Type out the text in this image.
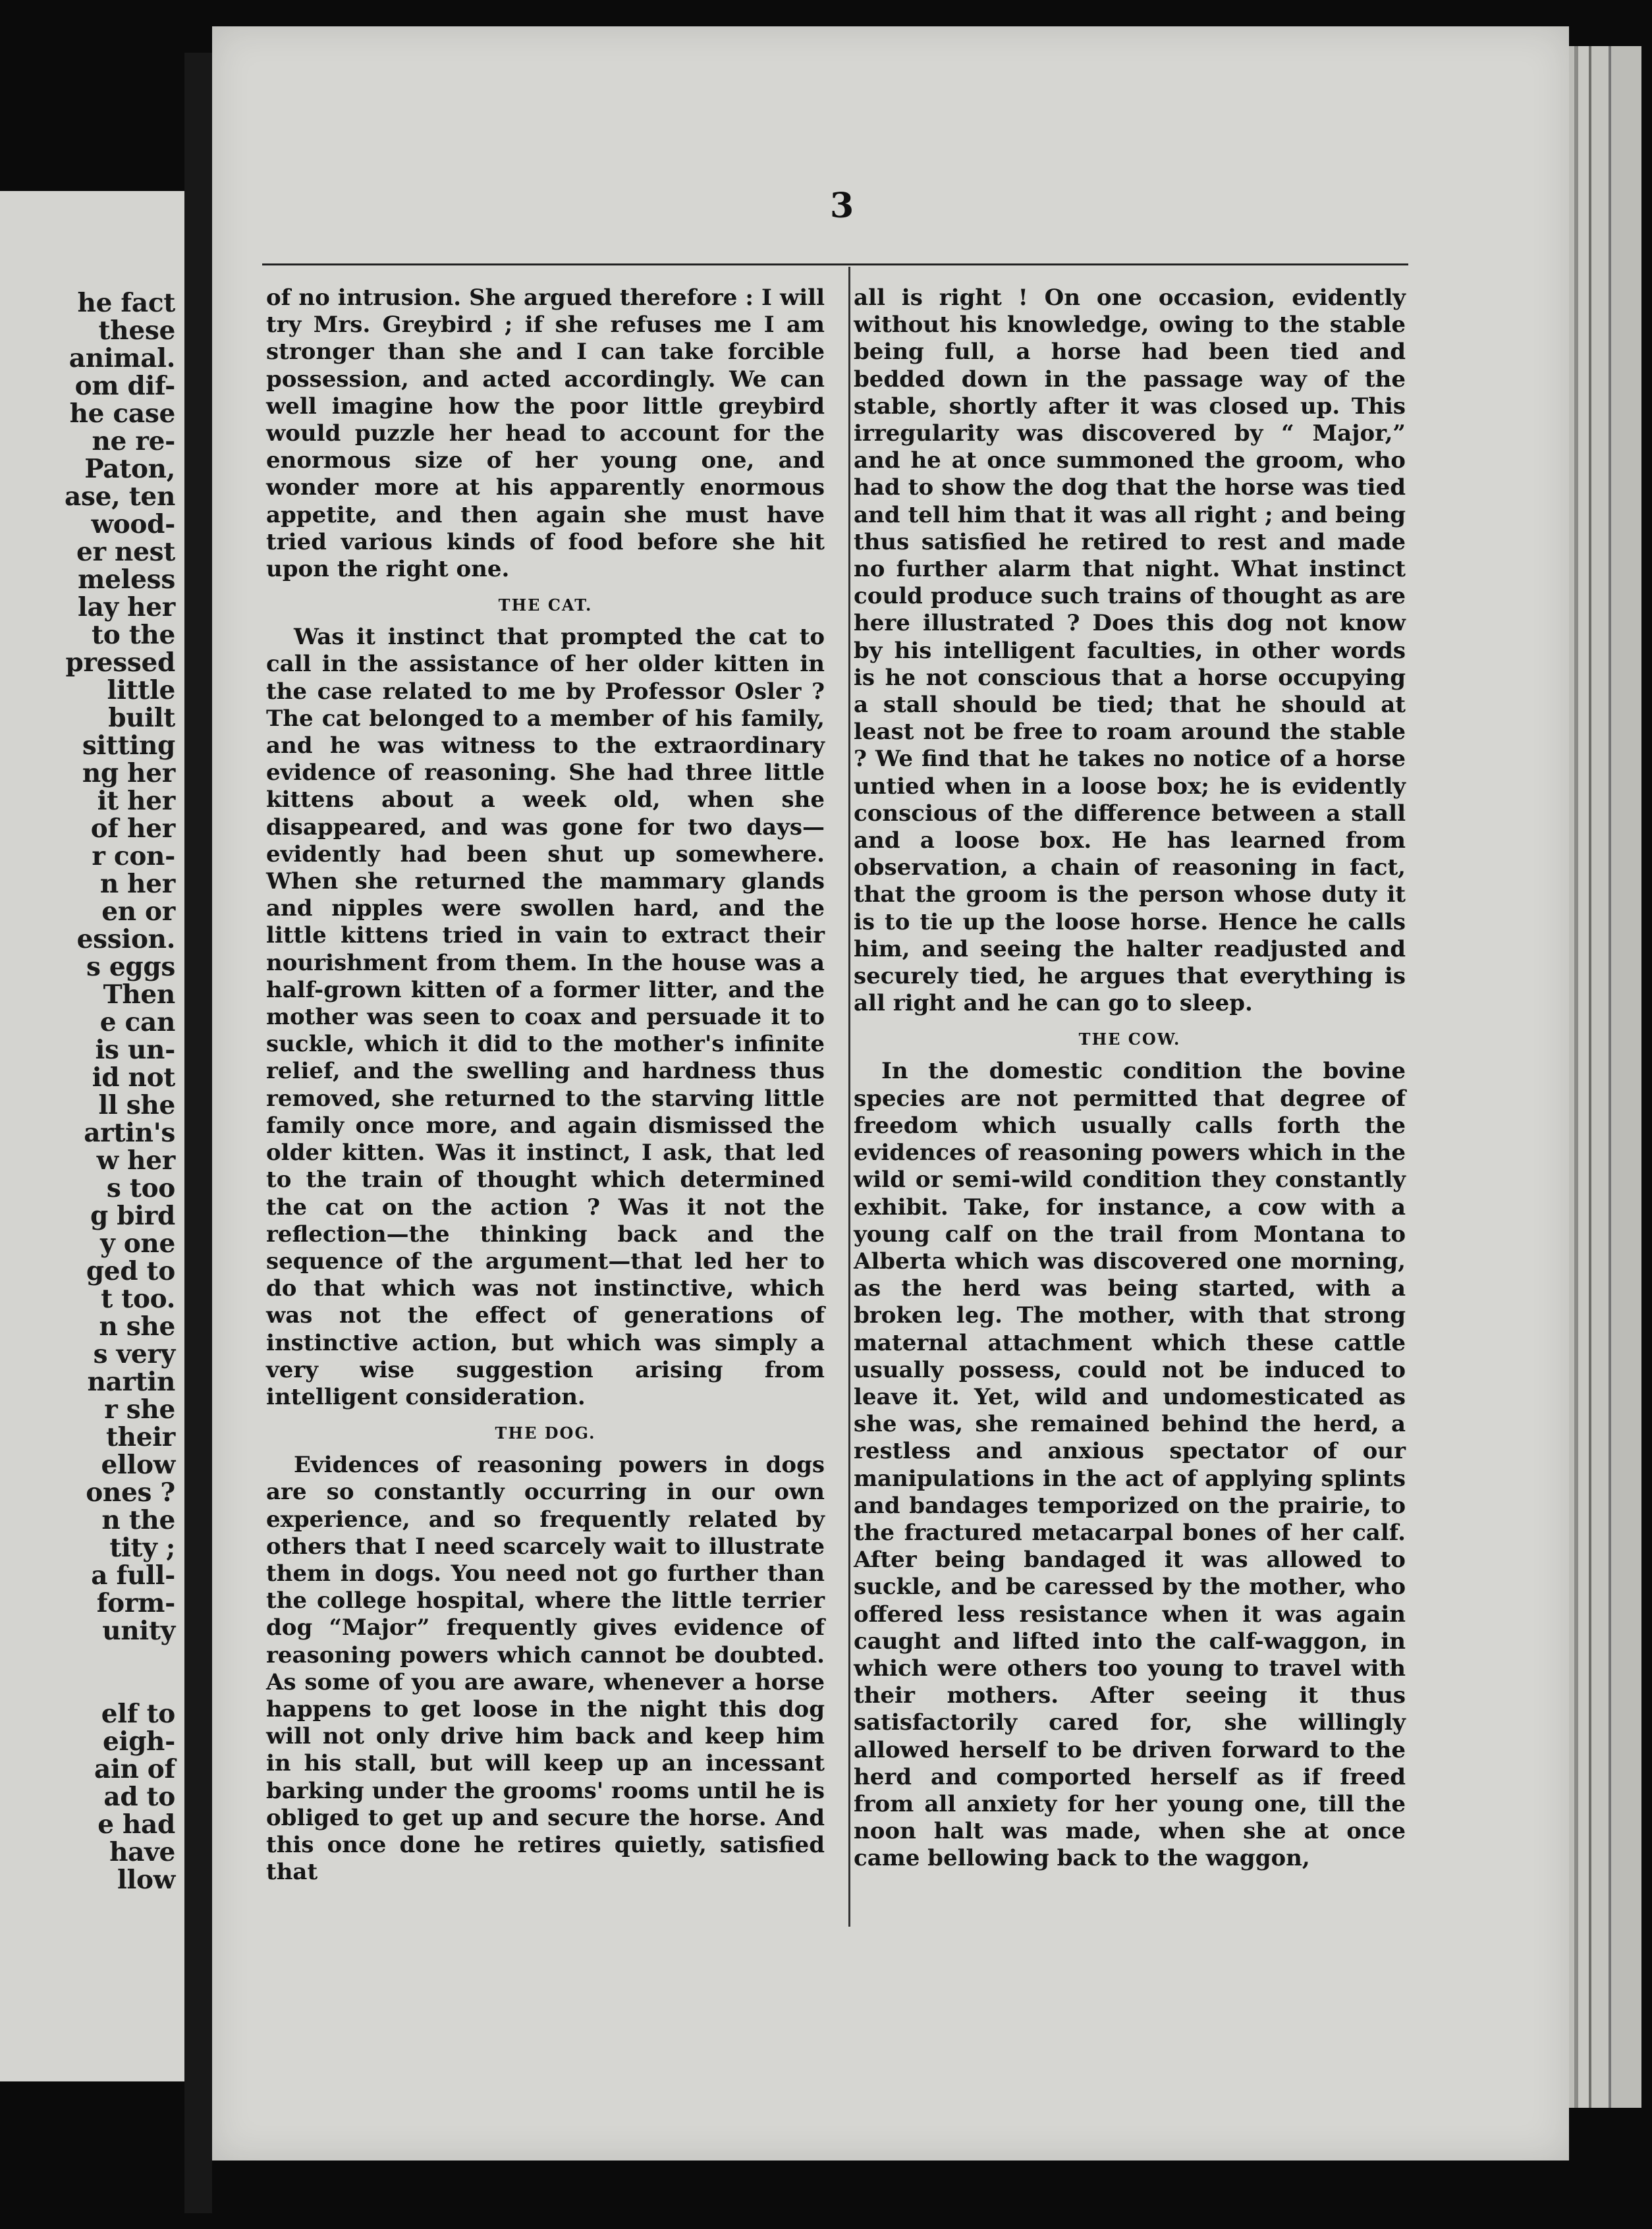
he fact
these
animal.
om dif-
he case
ne re-
Paton,
ase, ten
wood-
er nest
meless
lay her
to the
pressed
little
built
sitting
ng her
it her
of her
r con-
n her
en or
ession.
s eggs
Then
e can
is un-
id not
ll she
artin's
w her
s too
g bird
y one
ged to
t too.
n she
s very
nartin
r she
their
ellow
ones ?
n the
tity ;
a full-
form-
unity
elf to
eigh-
ain of
ad to
e had
have
llow
3

of no intrusion. She argued therefore : I will try Mrs. Greybird ; if she refuses me I am stronger than she and I can take forcible possession, and acted accordingly. We can well imagine how the poor little greybird would puzzle her head to account for the enormous size of her young one, and wonder more at his apparently enormous appetite, and then again she must have tried various kinds of food before she hit upon the right one.

THE CAT.

Was it instinct that prompted the cat to call in the assistance of her older kitten in the case related to me by Professor Osler ? The cat belonged to a member of his family, and he was witness to the extraordinary evidence of reasoning. She had three little kittens about a week old, when she disappeared, and was gone for two days—evidently had been shut up somewhere. When she returned the mammary glands and nipples were swollen hard, and the little kittens tried in vain to extract their nourishment from them. In the house was a half-grown kitten of a former litter, and the mother was seen to coax and persuade it to suckle, which it did to the mother's infinite relief, and the swelling and hardness thus removed, she returned to the starving little family once more, and again dismissed the older kitten. Was it instinct, I ask, that led to the train of thought which determined the cat on the action ? Was it not the reflection—the thinking back and the sequence of the argument—that led her to do that which was not instinctive, which was not the effect of generations of instinctive action, but which was simply a very wise suggestion arising from intelligent consideration.

THE DOG.

Evidences of reasoning powers in dogs are so constantly occurring in our own experience, and so frequently related by others that I need scarcely wait to illustrate them in dogs. You need not go further than the college hospital, where the little terrier dog “Major” frequently gives evidence of reasoning powers which cannot be doubted. As some of you are aware, whenever a horse happens to get loose in the night this dog will not only drive him back and keep him in his stall, but will keep up an incessant barking under the grooms' rooms until he is obliged to get up and secure the horse. And this once done he retires quietly, satisfied that

all is right ! On one occasion, evidently without his knowledge, owing to the stable being full, a horse had been tied and bedded down in the passage way of the stable, shortly after it was closed up. This irregularity was discovered by “ Major,” and he at once summoned the groom, who had to show the dog that the horse was tied and tell him that it was all right ; and being thus satisfied he retired to rest and made no further alarm that night. What instinct could produce such trains of thought as are here illustrated ? Does this dog not know by his intelligent faculties, in other words is he not conscious that a horse occupying a stall should be tied; that he should at least not be free to roam around the stable ? We find that he takes no notice of a horse untied when in a loose box; he is evidently conscious of the difference between a stall and a loose box. He has learned from observation, a chain of reasoning in fact, that the groom is the person whose duty it is to tie up the loose horse. Hence he calls him, and seeing the halter readjusted and securely tied, he argues that everything is all right and he can go to sleep.

THE COW.

In the domestic condition the bovine species are not permitted that degree of freedom which usually calls forth the evidences of reasoning powers which in the wild or semi-wild condition they constantly exhibit. Take, for instance, a cow with a young calf on the trail from Montana to Alberta which was discovered one morning, as the herd was being started, with a broken leg. The mother, with that strong maternal attachment which these cattle usually possess, could not be induced to leave it. Yet, wild and undomesticated as she was, she remained behind the herd, a restless and anxious spectator of our manipulations in the act of applying splints and bandages temporized on the prairie, to the fractured metacarpal bones of her calf. After being bandaged it was allowed to suckle, and be caressed by the mother, who offered less resistance when it was again caught and lifted into the calf-waggon, in which were others too young to travel with their mothers. After seeing it thus satisfactorily cared for, she willingly allowed herself to be driven forward to the herd and comported herself as if freed from all anxiety for her young one, till the noon halt was made, when she at once came bellowing back to the waggon,
